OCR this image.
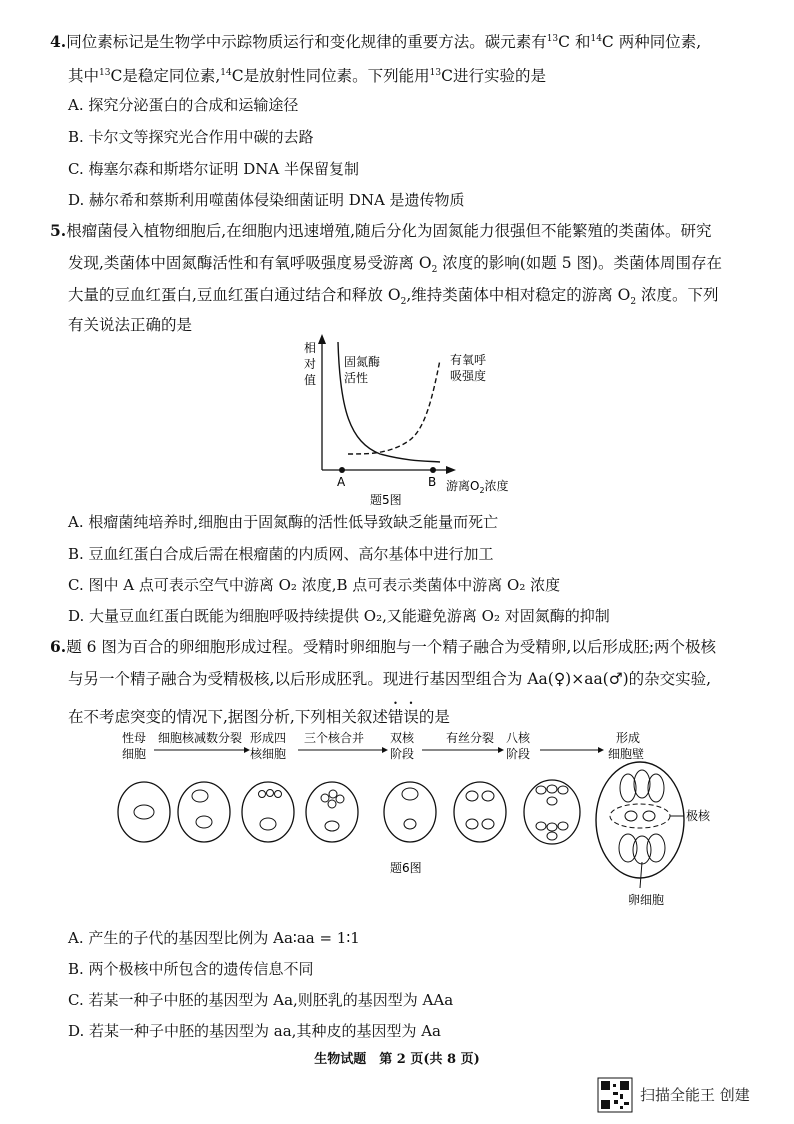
4.同位素标记是生物学中示踪物质运行和变化规律的重要方法。碳元素有$^{13}$C 和$^{14}$C 两种同位素,
其中$^{13}$C是稳定同位素,$^{14}$C是放射性同位素。下列能用$^{13}$C进行实验的是
A. 探究分泌蛋白的合成和运输途径
B. 卡尔文等探究光合作用中碳的去路
C. 梅塞尔森和斯塔尔证明 DNA 半保留复制
D. 赫尔希和蔡斯利用噬菌体侵染细菌证明 DNA 是遗传物质
5.根瘤菌侵入植物细胞后,在细胞内迅速增殖,随后分化为固氮能力很强但不能繁殖的类菌体。研究
发现,类菌体中固氮酶活性和有氧呼吸强度易受游离 $O_2$ 浓度的影响(如题 5 图)。类菌体周围存在
大量的豆血红蛋白,豆血红蛋白通过结合和释放 $O_2$,维持类菌体中相对稳定的游离 $O_2$ 浓度。下列
有关说法正确的是
相
对
值
固氮酶
活性
有氧呼
吸强度
A	B 游离$O_2$浓度
题5图
A. 根瘤菌纯培养时,细胞由于固氮酶的活性低导致缺乏能量而死亡
B. 豆血红蛋白合成后需在根瘤菌的内质网、高尔基体中进行加工
C. 图中 A 点可表示空气中游离 O₂ 浓度,B 点可表示类菌体中游离 O₂ 浓度
D. 大量豆血红蛋白既能为细胞呼吸持续提供 O₂,又能避免游离 O₂ 对固氮酶的抑制
6.题 6 图为百合的卵细胞形成过程。受精时卵细胞与一个精子融合为受精卵,以后形成胚;两个极核
与另一个精子融合为受精极核,以后形成胚乳。现进行基因型组合为 Aa(♀)×aa(♂)的杂交实验,
在不考虑突变的情况下,据图分析,下列相关叙述错误的是
性母
细胞
细胞核减数分裂 形成四
核细胞
三个核合并 双核
阶段
有丝分裂 八核
阶段
形成
细胞壁
极核
卵细胞
题6图
A. 产生的子代的基因型比例为 Aa∶aa = 1∶1
B. 两个极核中所包含的遗传信息不同
C. 若某一种子中胚的基因型为 Aa,则胚乳的基因型为 AAa
D. 若某一种子中胚的基因型为 aa,其种皮的基因型为 Aa
生物试题　第 2 页(共 8 页)
扫描全能王 创建
